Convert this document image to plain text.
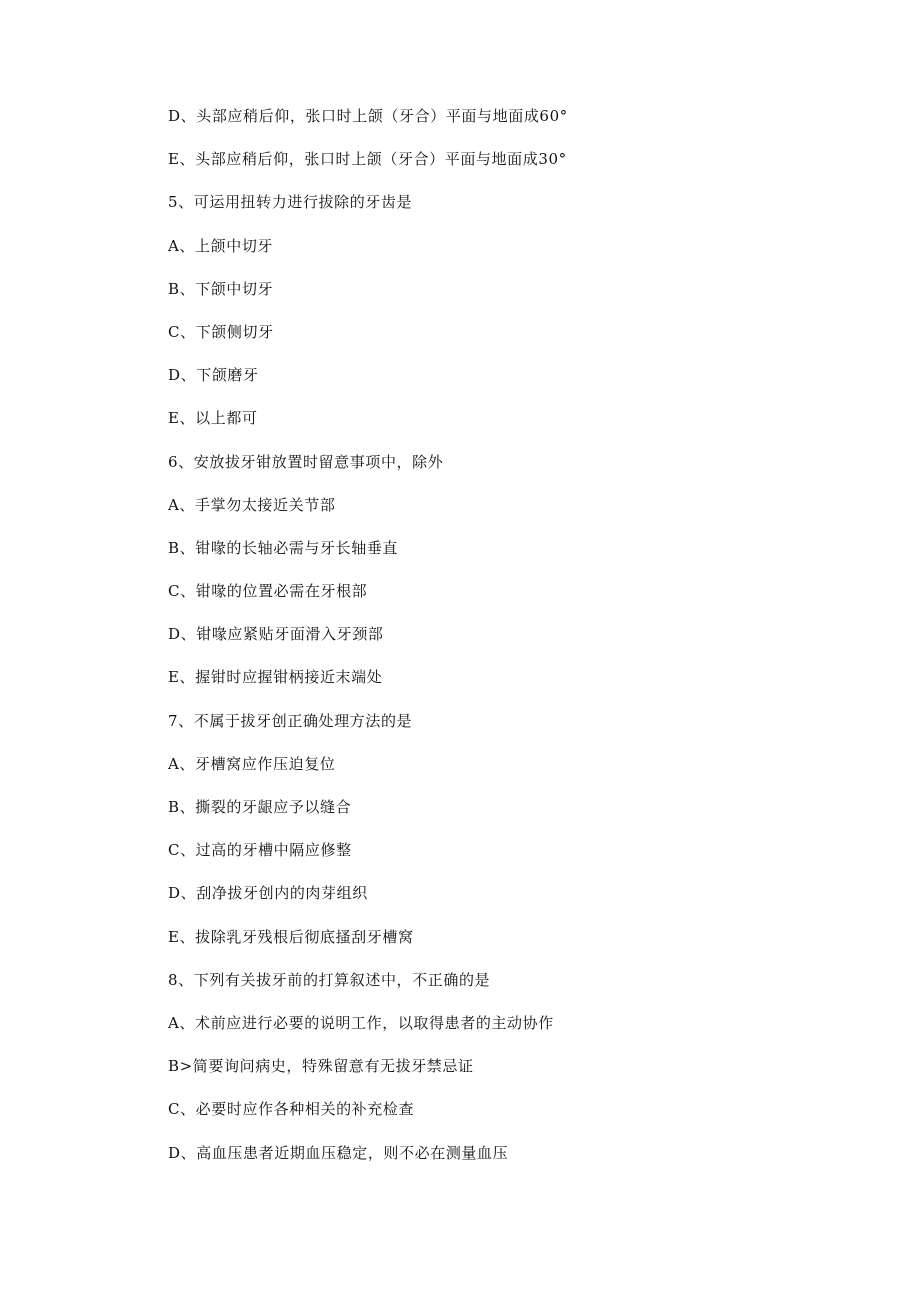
D、头部应稍后仰，张口时上颌（牙合）平面与地面成60°
E、头部应稍后仰，张口时上颌（牙合）平面与地面成30°
5、可运用扭转力进行拔除的牙齿是
A、上颌中切牙
B、下颌中切牙
C、下颌侧切牙
D、下颌磨牙
E、以上都可
6、安放拔牙钳放置时留意事项中，除外
A、手掌勿太接近关节部
B、钳喙的长轴必需与牙长轴垂直
C、钳喙的位置必需在牙根部
D、钳喙应紧贴牙面滑入牙颈部
E、握钳时应握钳柄接近末端处
7、不属于拔牙创正确处理方法的是
A、牙槽窝应作压迫复位
B、撕裂的牙龈应予以缝合
C、过高的牙槽中隔应修整
D、刮净拔牙创内的肉芽组织
E、拔除乳牙残根后彻底搔刮牙槽窝
8、下列有关拔牙前的打算叙述中，不正确的是
A、术前应进行必要的说明工作，以取得患者的主动协作
B>简要询问病史，特殊留意有无拔牙禁忌证
C、必要时应作各种相关的补充检查
D、高血压患者近期血压稳定，则不必在测量血压
